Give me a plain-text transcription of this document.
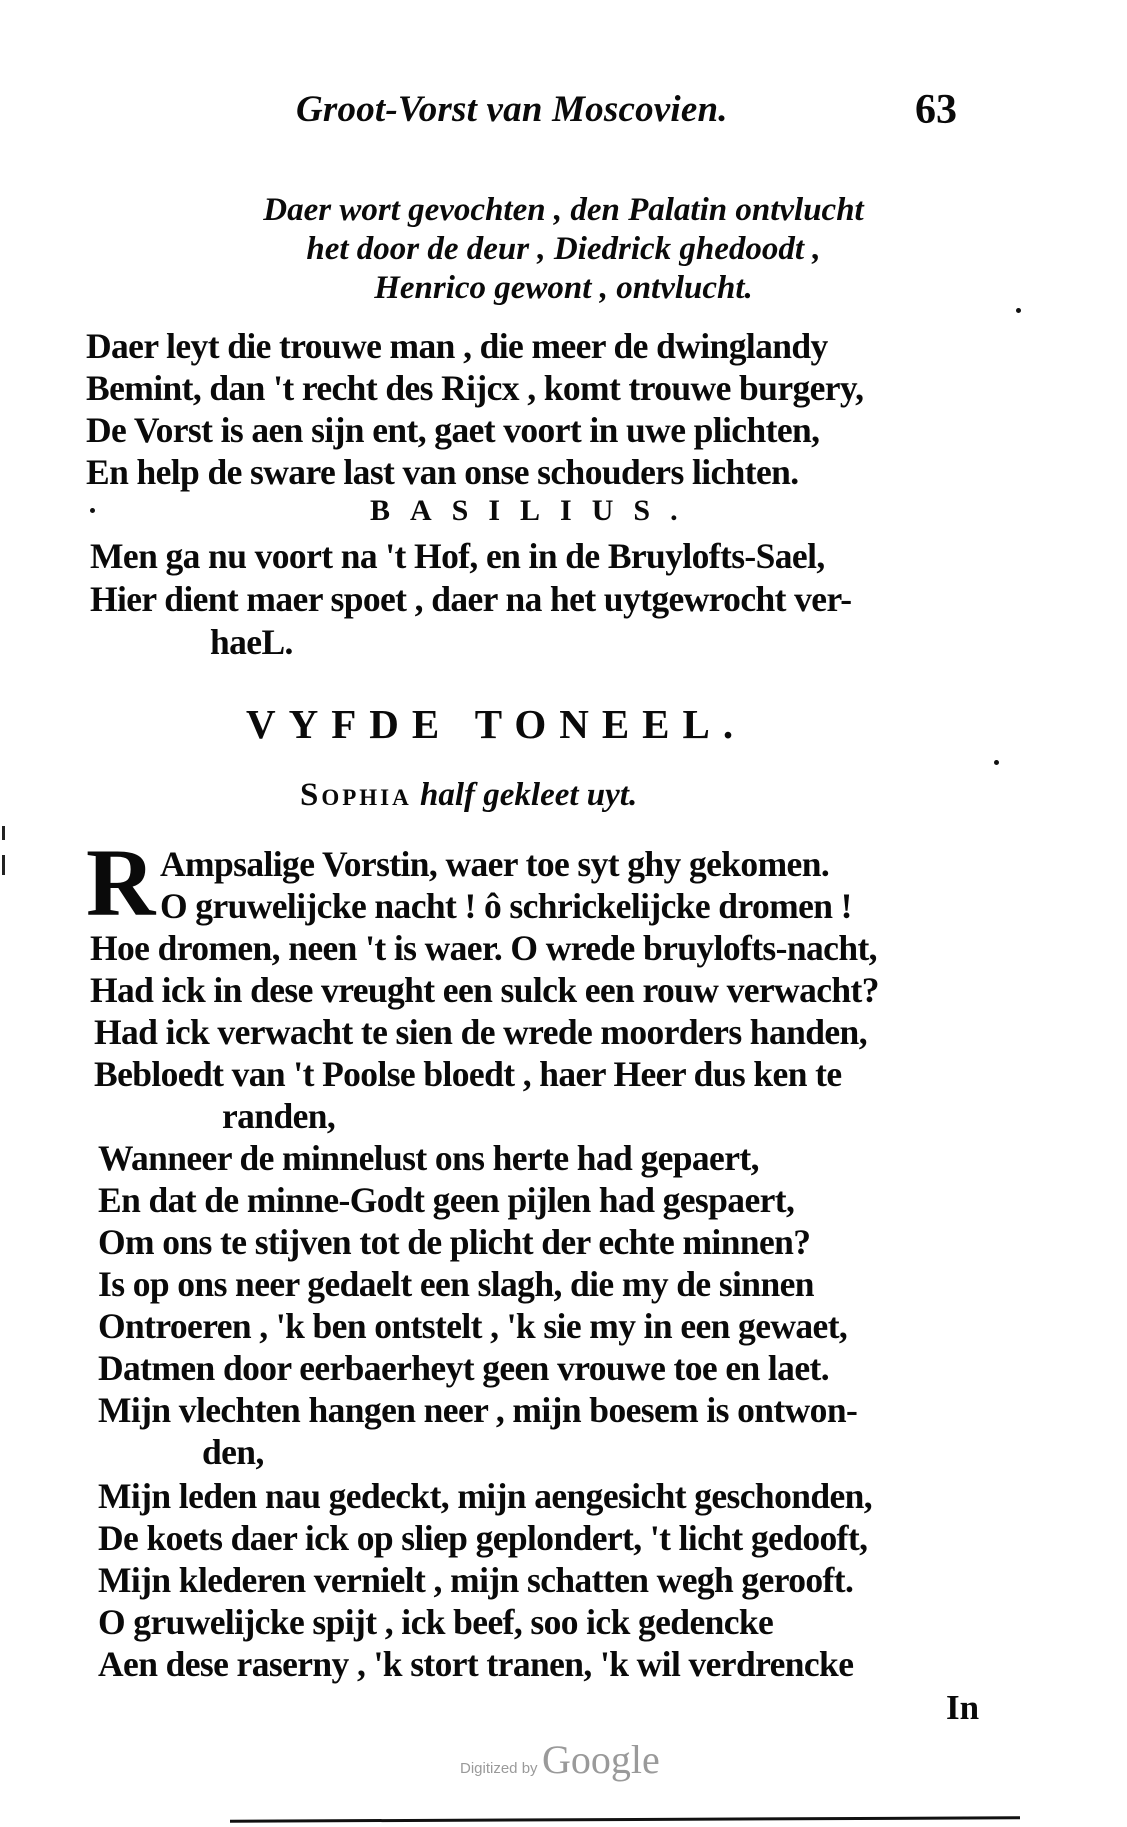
Groot-Vorst van Moscovien.	63
Daer wort gevochten , den Palatin ontvlucht
het door de deur , Diedrick ghedoodt ,
Henrico gewont , ontvlucht.
Daer leyt die trouwe man , die meer de dwinglandy
Bemint, dan 't recht des Rijcx , komt trouwe burgery,
De Vorst is aen sijn ent, gaet voort in uwe plichten,
En help de sware last van onse schouders lichten.
BASILIUS.
Men ga nu voort na 't Hof, en in de Bruylofts-Sael,
Hier dient maer spoet , daer na het uytgewrocht ver-
haeL.
VYFDE TONEEL.
Sophia half gekleet uyt.
R Ampsalige Vorstin, waer toe syt ghy gekomen.
O gruwelijcke nacht ! ô schrickelijcke dromen !
Hoe dromen, neen 't is waer. O wrede bruylofts-nacht,
Had ick in dese vreught een sulck een rouw verwacht?
Had ick verwacht te sien de wrede moorders handen,
Bebloedt van 't Poolse bloedt , haer Heer dus ken te
randen,
Wanneer de minnelust ons herte had gepaert,
En dat de minne-Godt geen pijlen had gespaert,
Om ons te stijven tot de plicht der echte minnen?
Is op ons neer gedaelt een slagh, die my de sinnen
Ontroeren , 'k ben ontstelt , 'k sie my in een gewaet,
Datmen door eerbaerheyt geen vrouwe toe en laet.
Mijn vlechten hangen neer , mijn boesem is ontwon-
den,
Mijn leden nau gedeckt, mijn aengesicht geschonden,
De koets daer ick op sliep geplondert, 't licht gedooft,
Mijn klederen vernielt , mijn schatten wegh gerooft.
O gruwelijcke spijt , ick beef, soo ick gedencke
Aen dese raserny , 'k stort tranen, 'k wil verdrencke
In
Digitized by Google
